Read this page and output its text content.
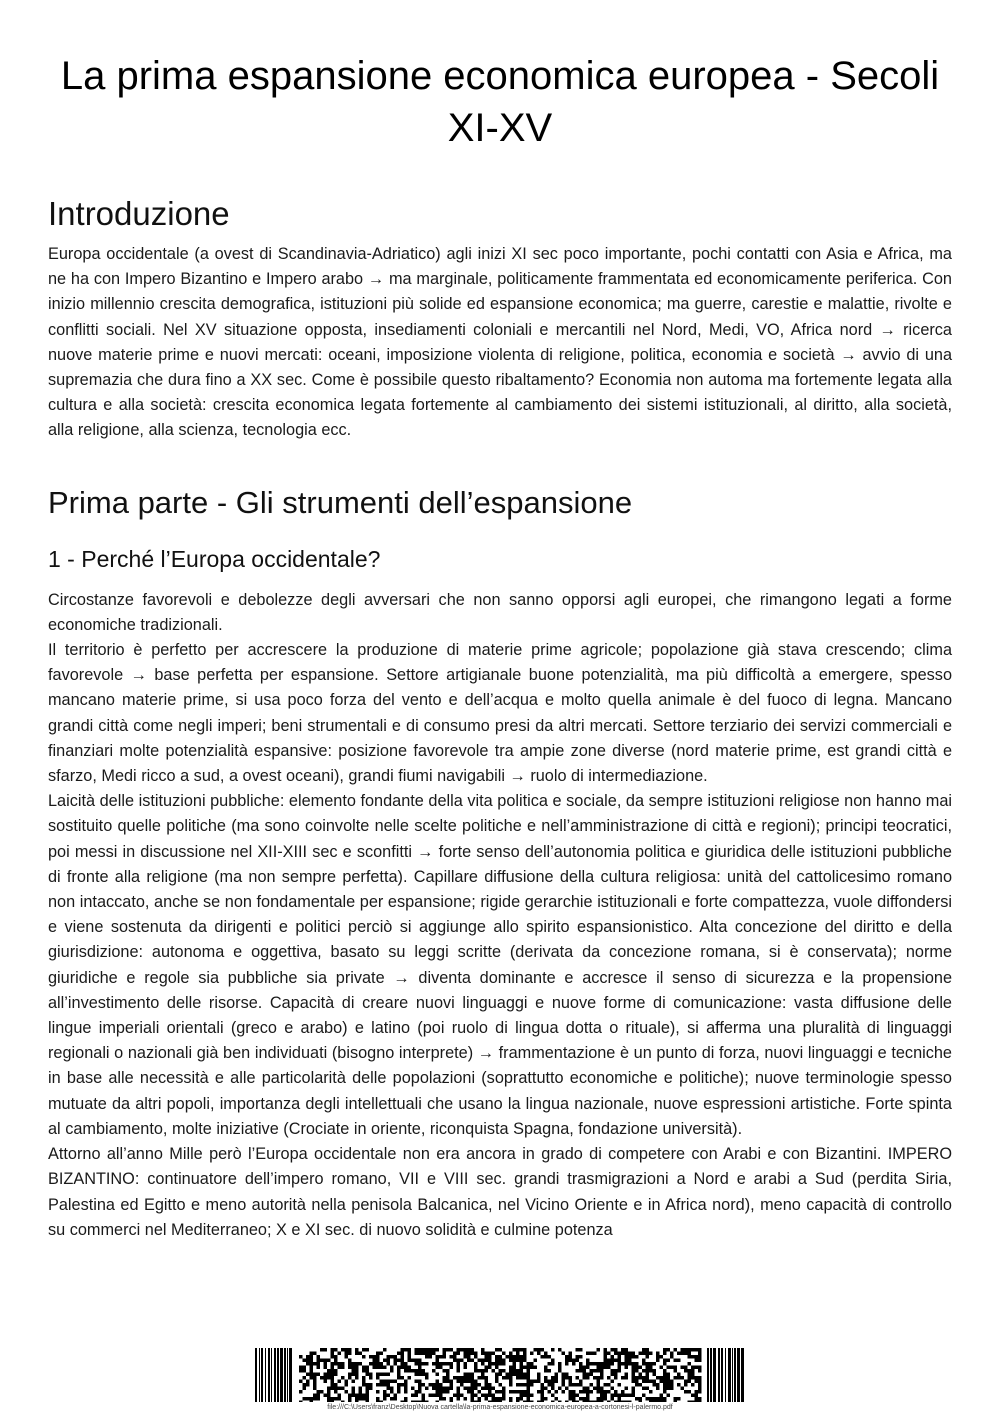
La prima espansione economica europea - Secoli XI-XV
Introduzione

Europa occidentale (a ovest di Scandinavia-Adriatico) agli inizi XI sec poco importante, pochi contatti con Asia e Africa, ma ne ha con Impero Bizantino e Impero arabo → ma marginale, politicamente frammentata ed economicamente periferica. Con inizio millennio crescita demografica, istituzioni più solide ed espansione economica; ma guerre, carestie e malattie, rivolte e conflitti sociali. Nel XV situazione opposta, insediamenti coloniali e mercantili nel Nord, Medi, VO, Africa nord → ricerca nuove materie prime e nuovi mercati: oceani, imposizione violenta di religione, politica, economia e società → avvio di una supremazia che dura fino a XX sec. Come è possibile questo ribaltamento? Economia non automa ma fortemente legata alla cultura e alla società: crescita economica legata fortemente al cambiamento dei sistemi istituzionali, al diritto, alla società, alla religione, alla scienza, tecnologia ecc.

Prima parte - Gli strumenti dell’espansione
1 - Perché l’Europa occidentale?

Circostanze favorevoli e debolezze degli avversari che non sanno opporsi agli europei, che rimangono legati a forme economiche tradizionali.

Il territorio è perfetto per accrescere la produzione di materie prime agricole; popolazione già stava crescendo; clima favorevole → base perfetta per espansione. Settore artigianale buone potenzialità, ma più difficoltà a emergere, spesso mancano materie prime, si usa poco forza del vento e dell’acqua e molto quella animale è del fuoco di legna. Mancano grandi città come negli imperi; beni strumentali e di consumo presi da altri mercati. Settore terziario dei servizi commerciali e finanziari molte potenzialità espansive: posizione favorevole tra ampie zone diverse (nord materie prime, est grandi città e sfarzo, Medi ricco a sud, a ovest oceani), grandi fiumi navigabili → ruolo di intermediazione.

Laicità delle istituzioni pubbliche: elemento fondante della vita politica e sociale, da sempre istituzioni religiose non hanno mai sostituito quelle politiche (ma sono coinvolte nelle scelte politiche e nell’amministrazione di città e regioni); principi teocratici, poi messi in discussione nel XII-XIII sec e sconfitti → forte senso dell’autonomia politica e giuridica delle istituzioni pubbliche di fronte alla religione (ma non sempre perfetta). Capillare diffusione della cultura religiosa: unità del cattolicesimo romano non intaccato, anche se non fondamentale per espansione; rigide gerarchie istituzionali e forte compattezza, vuole diffondersi e viene sostenuta da dirigenti e politici perciò si aggiunge allo spirito espansionistico. Alta concezione del diritto e della giurisdizione: autonoma e oggettiva, basato su leggi scritte (derivata da concezione romana, si è conservata); norme giuridiche e regole sia pubbliche sia private → diventa dominante e accresce il senso di sicurezza e la propensione all’investimento delle risorse. Capacità di creare nuovi linguaggi e nuove forme di comunicazione: vasta diffusione delle lingue imperiali orientali (greco e arabo) e latino (poi ruolo di lingua dotta o rituale), si afferma una pluralità di linguaggi regionali o nazionali già ben individuati (bisogno interprete) → frammentazione è un punto di forza, nuovi linguaggi e tecniche in base alle necessità e alle particolarità delle popolazioni (soprattutto economiche e politiche); nuove terminologie spesso mutuate da altri popoli, importanza degli intellettuali che usano la lingua nazionale, nuove espressioni artistiche. Forte spinta al cambiamento, molte iniziative (Crociate in oriente, riconquista Spagna, fondazione università).

Attorno all’anno Mille però l’Europa occidentale non era ancora in grado di competere con Arabi e con Bizantini. IMPERO BIZANTINO: continuatore dell’impero romano, VII e VIII sec. grandi trasmigrazioni a Nord e arabi a Sud (perdita Siria, Palestina ed Egitto e meno autorità nella penisola Balcanica, nel Vicino Oriente e in Africa nord), meno capacità di controllo su commerci nel Mediterraneo; X e XI sec. di nuovo solidità e culmine potenza

file:///C:\Users\franz\Desktop\Nuova cartella\la-prima-espansione-economica-europea-a-cortonesi-l-palermo.pdf
